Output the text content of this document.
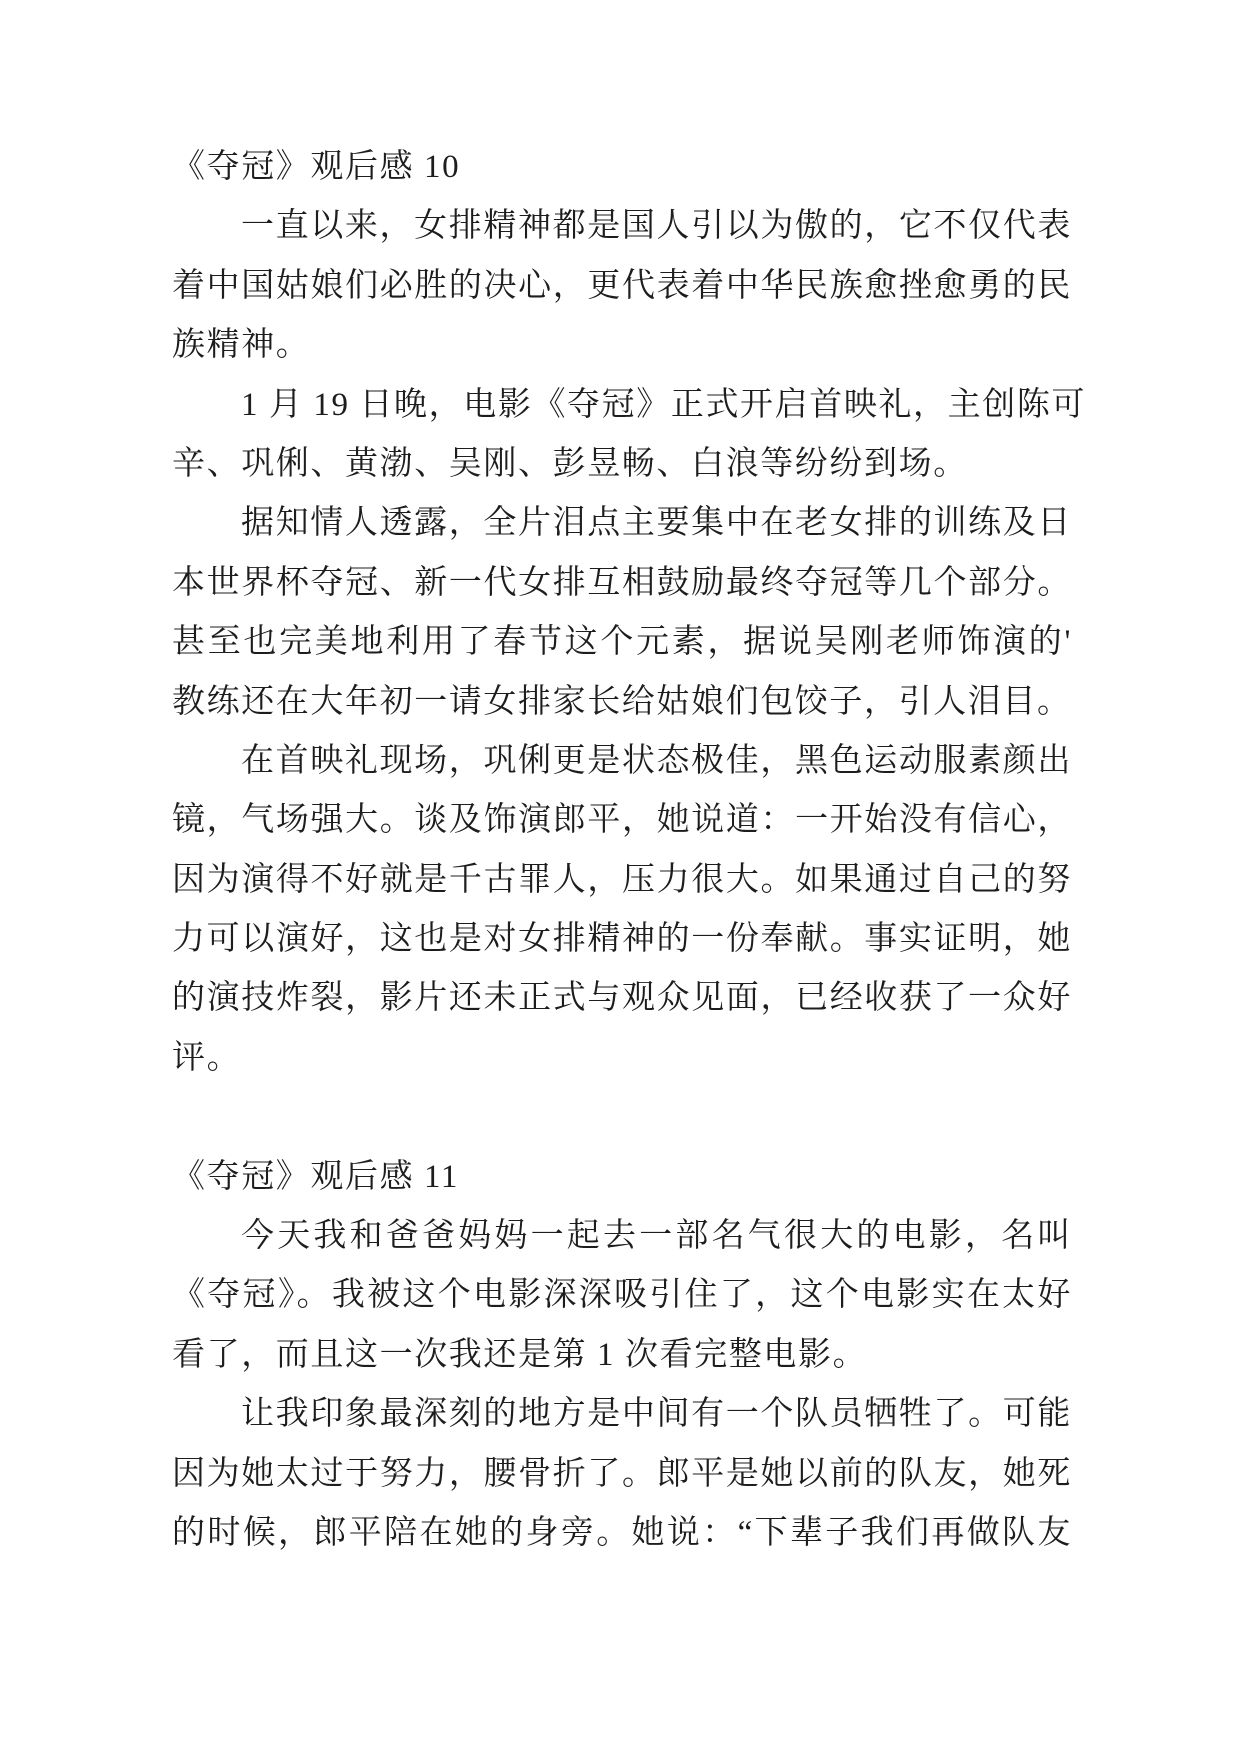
《夺冠》观后感 10
一直以来，女排精神都是国人引以为傲的，它不仅代表
着中国姑娘们必胜的决心，更代表着中华民族愈挫愈勇的民
族精神。
1 月 19 日晚，电影《夺冠》正式开启首映礼，主创陈可
辛、巩俐、黄渤、吴刚、彭昱畅、白浪等纷纷到场。
据知情人透露，全片泪点主要集中在老女排的训练及日
本世界杯夺冠、新一代女排互相鼓励最终夺冠等几个部分。
甚至也完美地利用了春节这个元素，据说吴刚老师饰演的'
教练还在大年初一请女排家长给姑娘们包饺子，引人泪目。
在首映礼现场，巩俐更是状态极佳，黑色运动服素颜出
镜，气场强大。谈及饰演郎平，她说道：一开始没有信心，
因为演得不好就是千古罪人，压力很大。如果通过自己的努
力可以演好，这也是对女排精神的一份奉献。事实证明，她
的演技炸裂，影片还未正式与观众见面，已经收获了一众好
评。
《夺冠》观后感 11
今天我和爸爸妈妈一起去一部名气很大的电影，名叫
《夺冠》。我被这个电影深深吸引住了，这个电影实在太好
看了，而且这一次我还是第 1 次看完整电影。
让我印象最深刻的地方是中间有一个队员牺牲了。可能
因为她太过于努力，腰骨折了。郎平是她以前的队友，她死
的时候，郎平陪在她的身旁。她说：“下辈子我们再做队友
